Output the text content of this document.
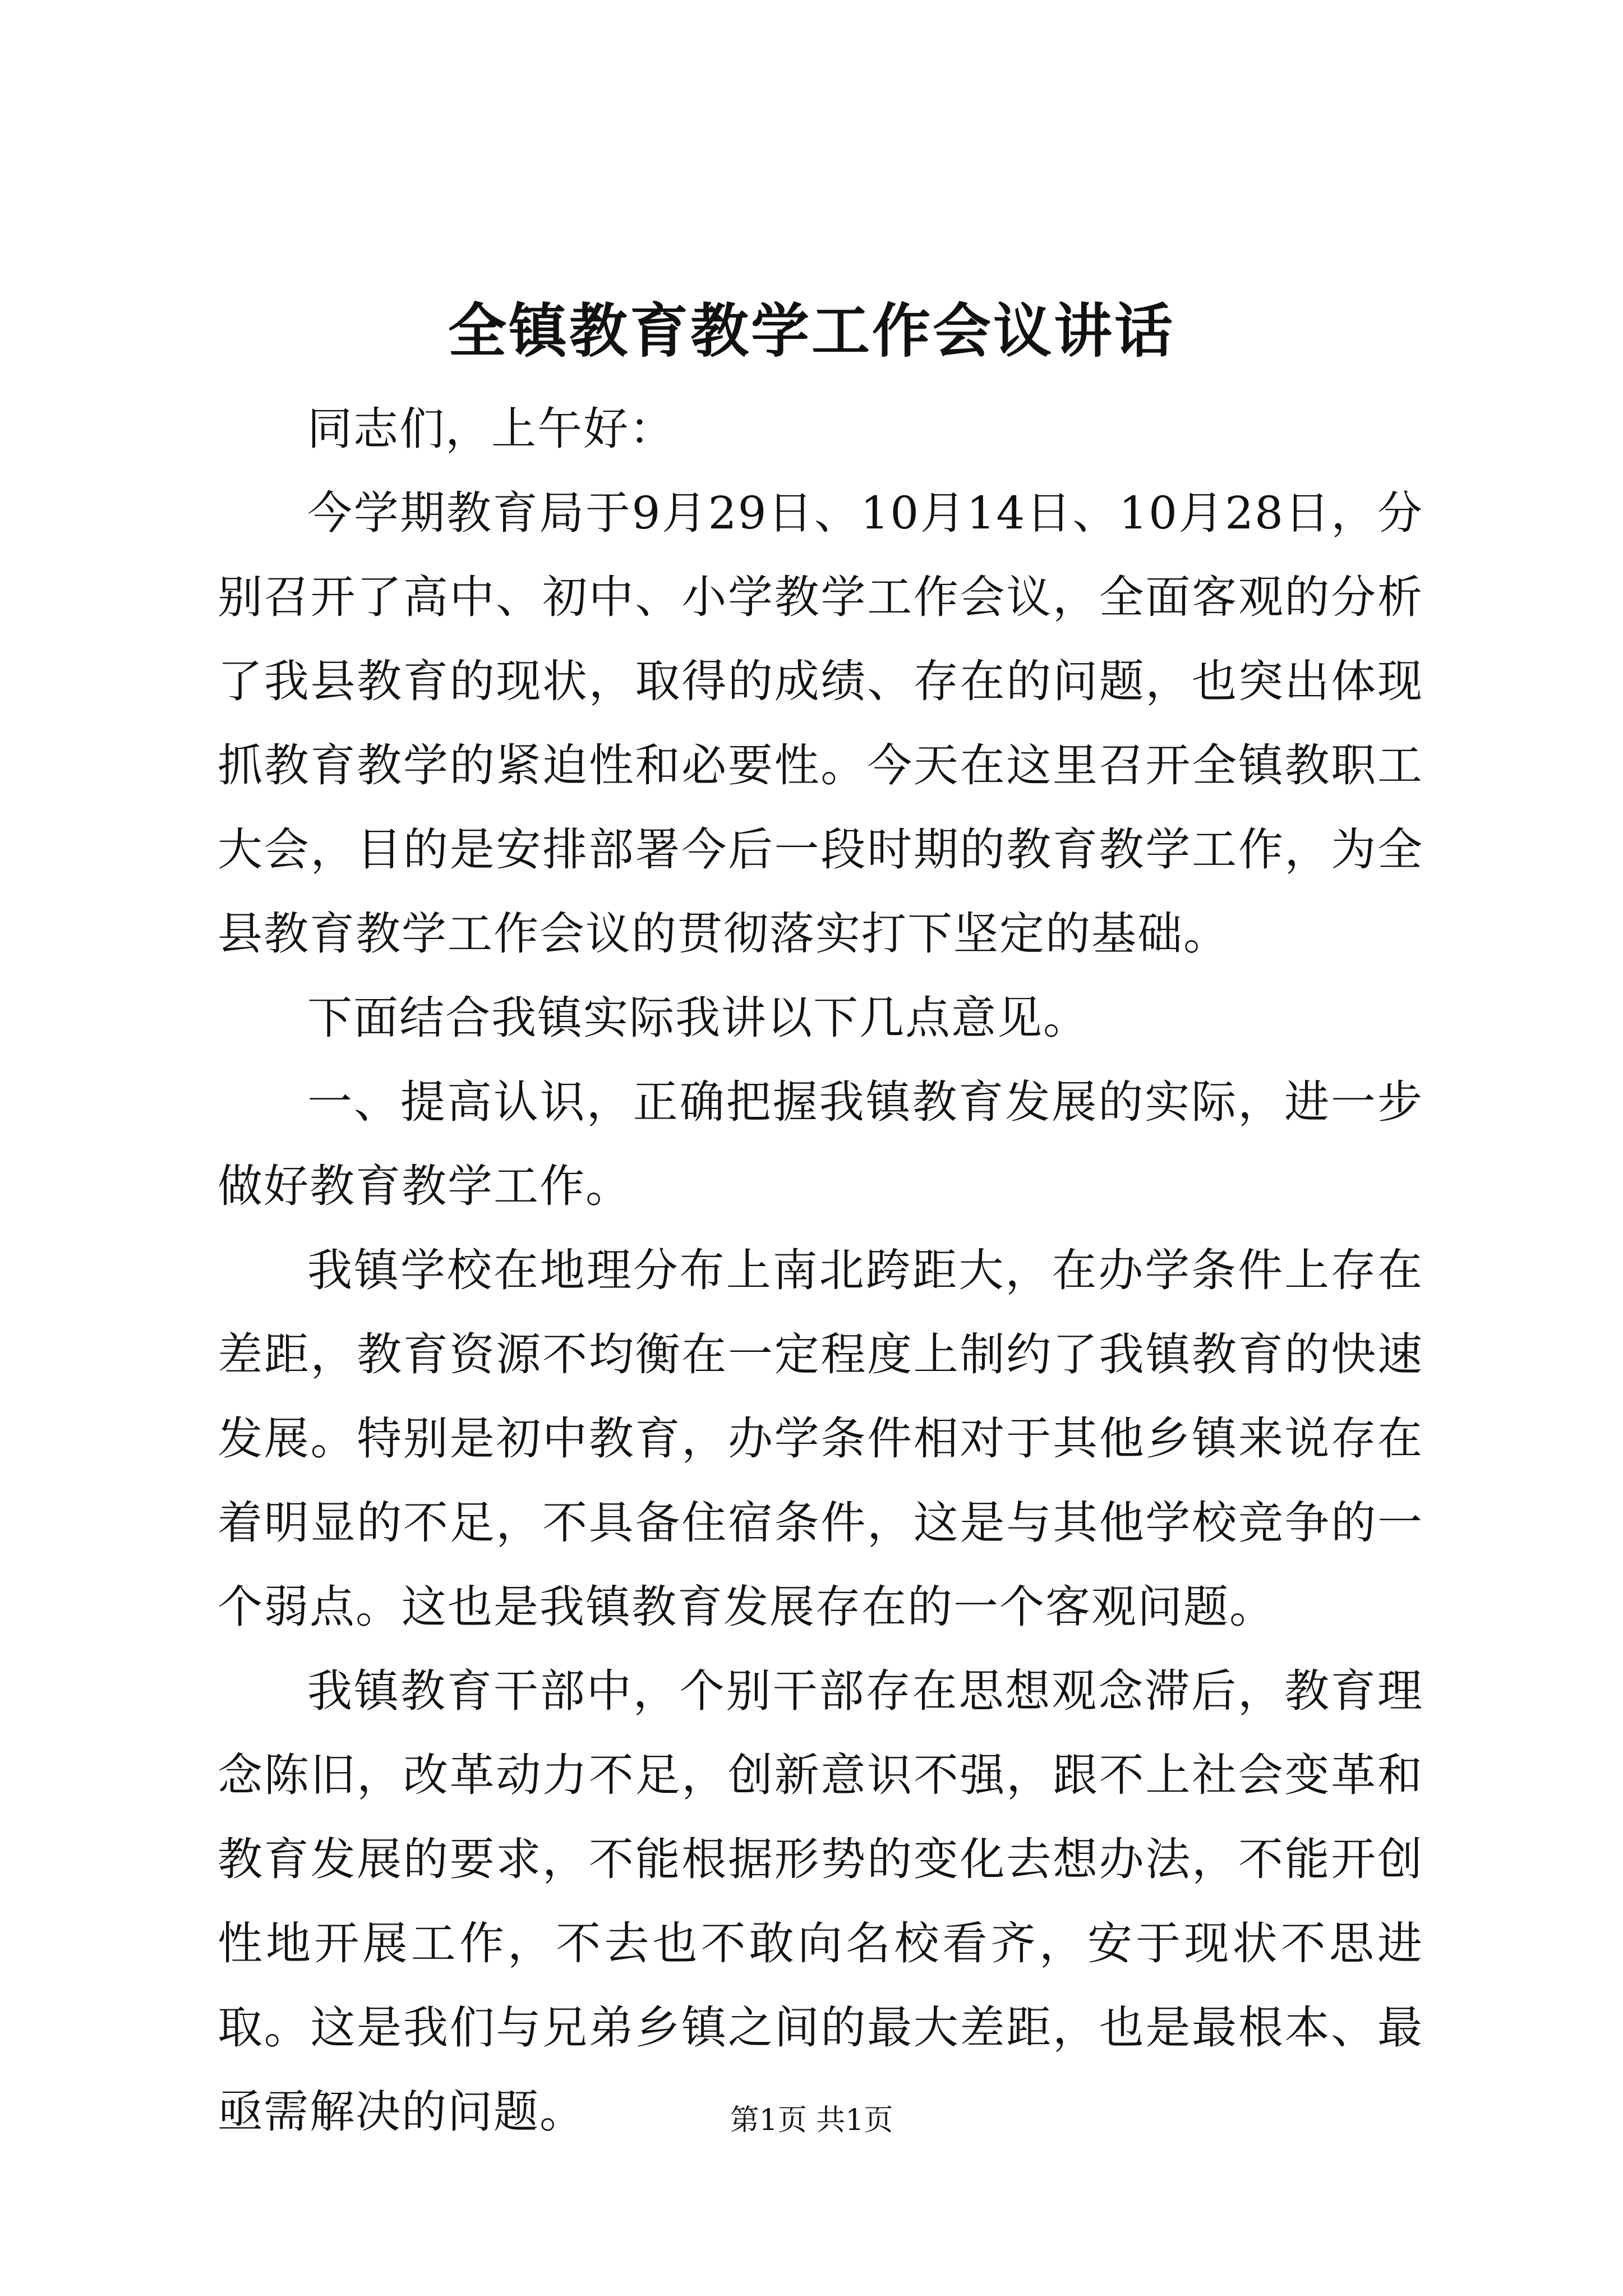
全镇教育教学工作会议讲话

同志们，上午好：

今学期教育局于9月29日、10月14日、10月28日，分别召开了高中、初中、小学教学工作会议，全面客观的分析了我县教育的现状，取得的成绩、存在的问题，也突出体现抓教育教学的紧迫性和必要性。今天在这里召开全镇教职工大会，目的是安排部署今后一段时期的教育教学工作，为全县教育教学工作会议的贯彻落实打下坚定的基础。

下面结合我镇实际我讲以下几点意见。

一、提高认识，正确把握我镇教育发展的实际，进一步做好教育教学工作。

我镇学校在地理分布上南北跨距大，在办学条件上存在差距，教育资源不均衡在一定程度上制约了我镇教育的快速发展。特别是初中教育，办学条件相对于其他乡镇来说存在着明显的不足，不具备住宿条件，这是与其他学校竞争的一个弱点。这也是我镇教育发展存在的一个客观问题。

我镇教育干部中，个别干部存在思想观念滞后，教育理念陈旧，改革动力不足，创新意识不强，跟不上社会变革和教育发展的要求，不能根据形势的变化去想办法，不能开创性地开展工作，不去也不敢向名校看齐，安于现状不思进取。这是我们与兄弟乡镇之间的最大差距，也是最根本、最亟需解决的问题。	第1页 共1页
